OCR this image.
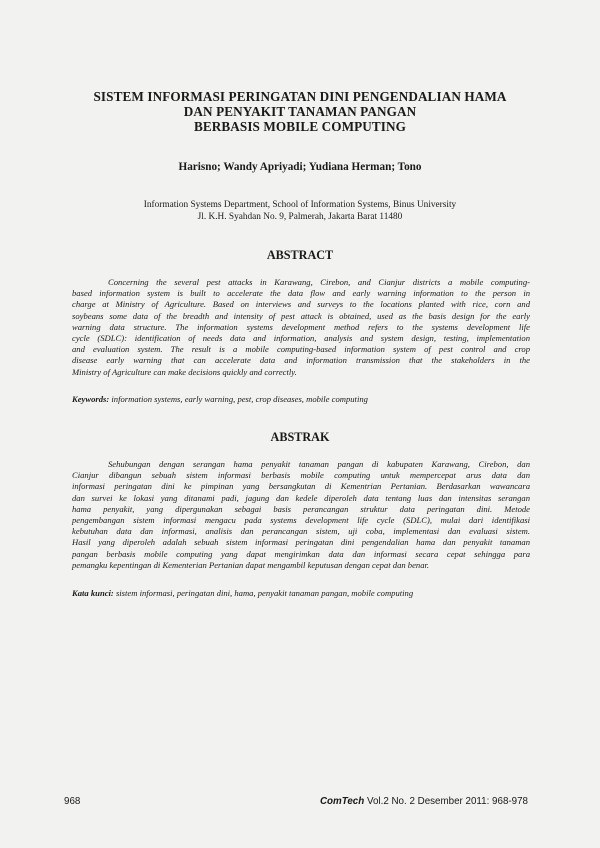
SISTEM INFORMASI PERINGATAN DINI PENGENDALIAN HAMA
DAN PENYAKIT TANAMAN PANGAN
BERBASIS MOBILE COMPUTING
Harisno; Wandy Apriyadi; Yudiana Herman; Tono
Information Systems Department, School of Information Systems, Binus University
Jl. K.H. Syahdan No. 9, Palmerah, Jakarta Barat 11480
ABSTRACT
Concerning the several pest attacks in Karawang, Cirebon, and Cianjur districts a mobile computing-
based information system is built to accelerate the data flow and early warning information to the person in
charge at Ministry of Agriculture. Based on interviews and surveys to the locations planted with rice, corn and
soybeans some data of the breadth and intensity of pest attack is obtained, used as the basis design for the early
warning data structure. The information systems development method refers to the systems development life
cycle (SDLC): identification of needs data and information, analysis and system design, testing, implementation
and evaluation system. The result is a mobile computing-based information system of pest control and crop
disease early warning that can accelerate data and information transmission that the stakeholders in the
Ministry of Agriculture can make decisions quickly and correctly.
Keywords: information systems, early warning, pest, crop diseases, mobile computing
ABSTRAK
Sehubungan dengan serangan hama penyakit tanaman pangan di kabupaten Karawang, Cirebon, dan
Cianjur dibangun sebuah sistem informasi berbasis mobile computing untuk mempercepat arus data dan
informasi peringatan dini ke pimpinan yang bersangkutan di Kementrian Pertanian. Berdasarkan wawancara
dan survei ke lokasi yang ditanami padi, jagung dan kedele diperoleh data tentang luas dan intensitas serangan
hama penyakit, yang dipergunakan sebagai basis perancangan struktur data peringatan dini. Metode
pengembangan sistem informasi mengacu pada systems development life cycle (SDLC), mulai dari identifikasi
kebutuhan data dan informasi, analisis dan perancangan sistem, uji coba, implementasi dan evaluasi sistem.
Hasil yang diperoleh adalah sebuah sistem informasi peringatan dini pengendalian hama dan penyakit tanaman
pangan berbasis mobile computing yang dapat mengirimkan data dan informasi secara cepat sehingga para
pemangku kepentingan di Kementerian Pertanian dapat mengambil keputusan dengan cepat dan benar.
Kata kunci: sistem informasi, peringatan dini, hama, penyakit tanaman pangan, mobile computing
968	ComTech Vol.2 No. 2 Desember 2011: 968-978
